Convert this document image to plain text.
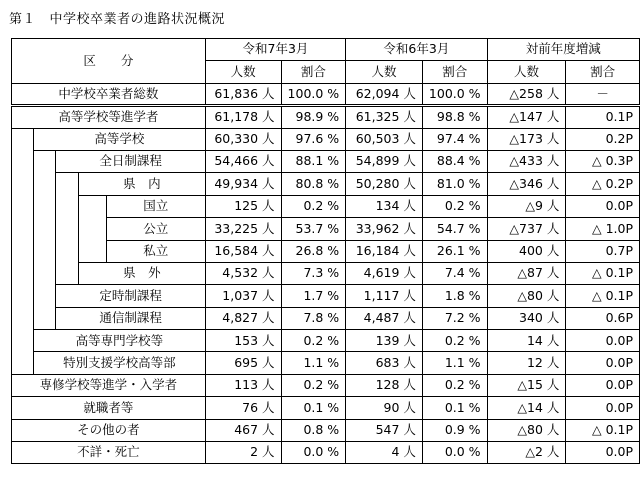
第１　中学校卒業者の進路状況概況
区　　分					令和7年3月		令和6年3月		対前年度増減	
					人数	割合	人数	割合	人数	割合
中学校卒業者総数					61,836 人	100.0 %	62,094 人	100.0 %	△258 人	－
高等学校等進学者					61,178 人	98.9 %	61,325 人	98.8 %	△147 人	0.1P
	高等学校				60,330 人	97.6 %	60,503 人	97.4 %	△173 人	0.2P
		全日制課程			54,466 人	88.1 %	54,899 人	88.4 %	△433 人	△ 0.3P
			県　内		49,934 人	80.8 %	50,280 人	81.0 %	△346 人	△ 0.2P
				国立	125 人	0.2 %	134 人	0.2 %	△9 人	0.0P
				公立	33,225 人	53.7 %	33,962 人	54.7 %	△737 人	△ 1.0P
				私立	16,584 人	26.8 %	16,184 人	26.1 %	400 人	0.7P
			県　外		4,532 人	7.3 %	4,619 人	7.4 %	△87 人	△ 0.1P
		定時制課程			1,037 人	1.7 %	1,117 人	1.8 %	△80 人	△ 0.1P
		通信制課程			4,827 人	7.8 %	4,487 人	7.2 %	340 人	0.6P
	高等専門学校等				153 人	0.2 %	139 人	0.2 %	14 人	0.0P
	特別支援学校高等部				695 人	1.1 %	683 人	1.1 %	12 人	0.0P
専修学校等進学・入学者					113 人	0.2 %	128 人	0.2 %	△15 人	0.0P
就職者等					76 人	0.1 %	90 人	0.1 %	△14 人	0.0P
その他の者					467 人	0.8 %	547 人	0.9 %	△80 人	△ 0.1P
不詳・死亡					2 人	0.0 %	4 人	0.0 %	△2 人	0.0P
